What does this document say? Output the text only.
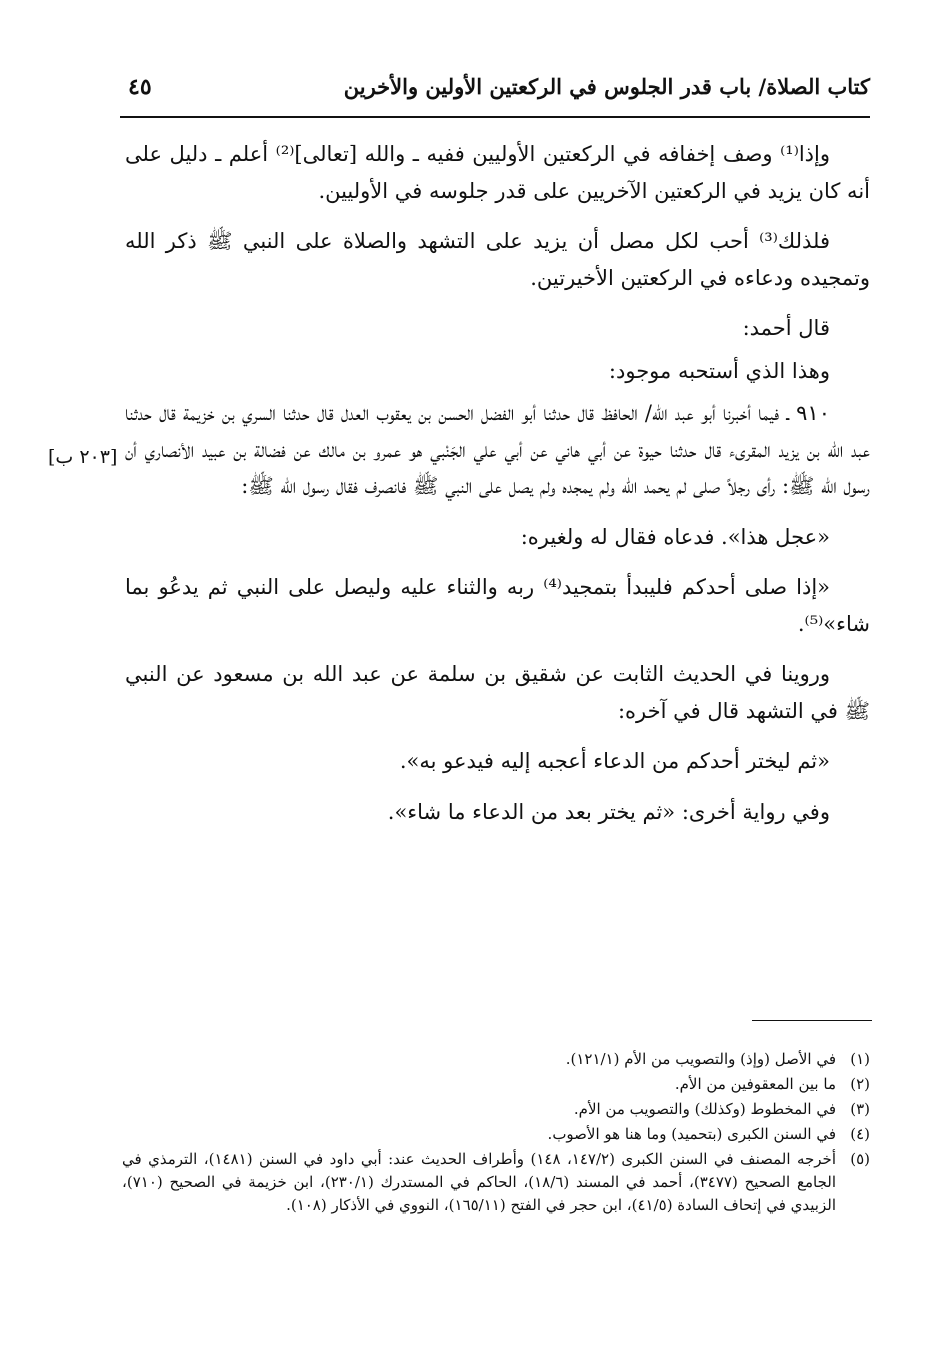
كتاب الصلاة/ باب قدر الجلوس في الركعتين الأولين والأخرين
٤٥
[٢٠٣ ب]

وإذا⁽¹⁾ وصف إخفافه في الركعتين الأوليين ففيه ـ والله [تعالى]⁽²⁾ أعلم ـ دليل على أنه كان يزيد في الركعتين الآخريين على قدر جلوسه في الأوليين.

فلذلك⁽³⁾ أحب لكل مصل أن يزيد على التشهد والصلاة على النبي ﷺ ذكر الله وتمجيده ودعاءه في الركعتين الأخيرتين.

قال أحمد:

وهذا الذي أستحبه موجود:

٩١٠ ـ فيما أخبرنا أبو عبد الله/ الحافظ قال حدثنا أبو الفضل الحسن بن يعقوب العدل قال حدثنا السري بن خزيمة قال حدثنا عبد الله بن يزيد المقرىء قال حدثنا حيوة عن أبي هاني عن أبي علي الجَنْبي هو عمرو بن مالك عن فضالة بن عبيد الأنصاري أن رسول الله ﷺ: رأى رجلاً صلى لم يحمد الله ولم يمجده ولم يصل على النبي ﷺ فانصرف فقال رسول الله ﷺ:

«عجل هذا». فدعاه فقال له ولغيره:

«إذا صلى أحدكم فليبدأ بتمجيد⁽⁴⁾ ربه والثناء عليه وليصل على النبي ثم يدعُو بما شاء»⁽⁵⁾.

وروينا في الحديث الثابت عن شقيق بن سلمة عن عبد الله بن مسعود عن النبي ﷺ في التشهد قال في آخره:

«ثم ليختر أحدكم من الدعاء أعجبه إليه فيدعو به».

وفي رواية أخرى: «ثم يختر بعد من الدعاء ما شاء».

(١)
في الأصل (وإذ) والتصويب من الأم (١٢١/١).
(٢)
ما بين المعقوفين من الأم.
(٣)
في المخطوط (وكذلك) والتصويب من الأم.
(٤)
في السنن الكبرى (بتحميد) وما هنا هو الأصوب.
(٥)
أخرجه المصنف في السنن الكبرى (١٤٧/٢، ١٤٨) وأطراف الحديث عند: أبي داود في السنن (١٤٨١)، الترمذي في الجامع الصحيح (٣٤٧٧)، أحمد في المسند (١٨/٦)، الحاكم في المستدرك (٢٣٠/١)، ابن خزيمة في الصحيح (٧١٠)، الزبيدي في إتحاف السادة (٤١/٥)، ابن حجر في الفتح (١٦٥/١١)، النووي في الأذكار (١٠٨).
